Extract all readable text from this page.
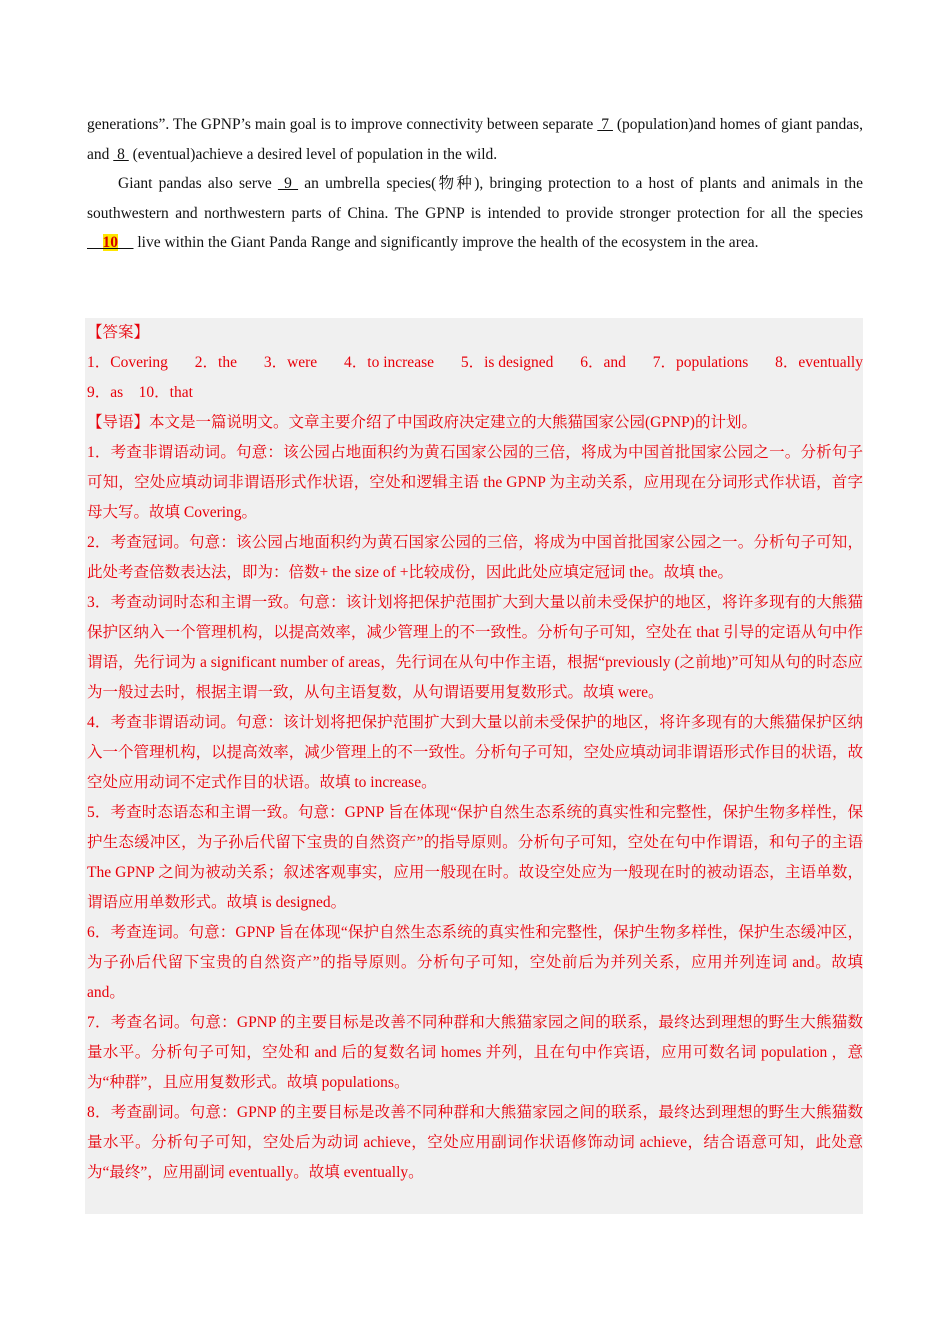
generations”. The GPNP’s main goal is to improve connectivity between separate  7  (population)and homes of giant pandas, and  8  (eventual)achieve a desired level of population in the wild.

Giant pandas also serve  9  an umbrella species(物种), bringing protection to a host of plants and animals in the southwestern and northwestern parts of China. The GPNP is intended to provide stronger protection for all the species     10     live within the Giant Panda Range and significantly improve the health of the ecosystem in the area.

【答案】

1．Covering 2．the 3．were 4．to increase 5．is designed 6．and 7．populations 8．eventually

9．as 10．that

【导语】本文是一篇说明文。文章主要介绍了中国政府决定建立的大熊猫国家公园(GPNP)的计划。

1．考查非谓语动词。句意：该公园占地面积约为黄石国家公园的三倍，将成为中国首批国家公园之一。分析句子可知，空处应填动词非谓语形式作状语，空处和逻辑主语 the GPNP 为主动关系，应用现在分词形式作状语，首字母大写。故填 Covering。

2．考查冠词。句意：该公园占地面积约为黄石国家公园的三倍，将成为中国首批国家公园之一。分析句子可知，此处考查倍数表达法，即为：倍数+ the size of +比较成份，因此此处应填定冠词 the。故填 the。

3．考查动词时态和主谓一致。句意：该计划将把保护范围扩大到大量以前未受保护的地区，将许多现有的大熊猫保护区纳入一个管理机构，以提高效率，减少管理上的不一致性。分析句子可知，空处在 that 引导的定语从句中作谓语，先行词为 a significant number of areas，先行词在从句中作主语，根据“previously (之前地)”可知从句的时态应为一般过去时，根据主谓一致，从句主语复数，从句谓语要用复数形式。故填 were。

4．考查非谓语动词。句意：该计划将把保护范围扩大到大量以前未受保护的地区，将许多现有的大熊猫保护区纳入一个管理机构，以提高效率，减少管理上的不一致性。分析句子可知，空处应填动词非谓语形式作目的状语，故空处应用动词不定式作目的状语。故填 to increase。

5．考查时态语态和主谓一致。句意：GPNP 旨在体现“保护自然生态系统的真实性和完整性，保护生物多样性，保护生态缓冲区，为子孙后代留下宝贵的自然资产”的指导原则。分析句子可知，空处在句中作谓语，和句子的主语 The GPNP 之间为被动关系；叙述客观事实，应用一般现在时。故设空处应为一般现在时的被动语态，主语单数，谓语应用单数形式。故填 is designed。

6．考查连词。句意：GPNP 旨在体现“保护自然生态系统的真实性和完整性，保护生物多样性，保护生态缓冲区，为子孙后代留下宝贵的自然资产”的指导原则。分析句子可知，空处前后为并列关系，应用并列连词 and。故填 and。

7．考查名词。句意：GPNP 的主要目标是改善不同种群和大熊猫家园之间的联系，最终达到理想的野生大熊猫数量水平。分析句子可知，空处和 and 后的复数名词 homes 并列，且在句中作宾语，应用可数名词 population ，意为“种群”，且应用复数形式。故填 populations。

8．考查副词。句意：GPNP 的主要目标是改善不同种群和大熊猫家园之间的联系，最终达到理想的野生大熊猫数量水平。分析句子可知，空处后为动词 achieve，空处应用副词作状语修饰动词 achieve，结合语意可知，此处意为“最终”，应用副词 eventually。故填 eventually。
